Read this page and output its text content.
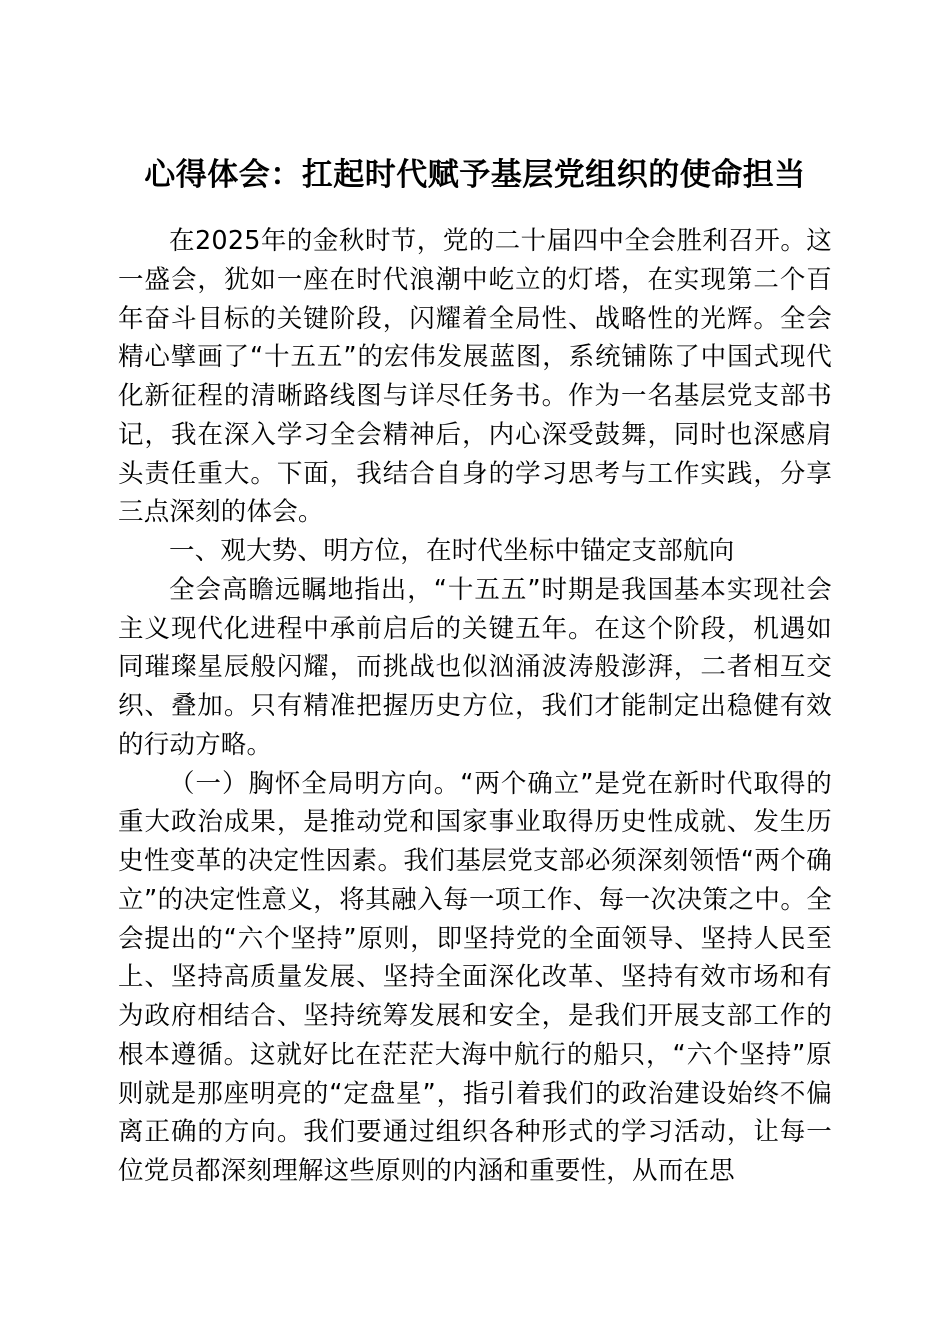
心得体会：扛起时代赋予基层党组织的使命担当

在2025年的金秋时节，党的二十届四中全会胜利召开。这一盛会，犹如一座在时代浪潮中屹立的灯塔，在实现第二个百年奋斗目标的关键阶段，闪耀着全局性、战略性的光辉。全会精心擘画了“十五五”的宏伟发展蓝图，系统铺陈了中国式现代化新征程的清晰路线图与详尽任务书。作为一名基层党支部书记，我在深入学习全会精神后，内心深受鼓舞，同时也深感肩头责任重大。下面，我结合自身的学习思考与工作实践，分享三点深刻的体会。

一、观大势、明方位，在时代坐标中锚定支部航向

全会高瞻远瞩地指出，“十五五”时期是我国基本实现社会主义现代化进程中承前启后的关键五年。在这个阶段，机遇如同璀璨星辰般闪耀，而挑战也似汹涌波涛般澎湃，二者相互交织、叠加。只有精准把握历史方位，我们才能制定出稳健有效的行动方略。

（一）胸怀全局明方向。“两个确立”是党在新时代取得的重大政治成果，是推动党和国家事业取得历史性成就、发生历史性变革的决定性因素。我们基层党支部必须深刻领悟“两个确立”的决定性意义，将其融入每一项工作、每一次决策之中。全会提出的“六个坚持”原则，即坚持党的全面领导、坚持人民至上、坚持高质量发展、坚持全面深化改革、坚持有效市场和有为政府相结合、坚持统筹发展和安全，是我们开展支部工作的根本遵循。这就好比在茫茫大海中航行的船只，“六个坚持”原则就是那座明亮的“定盘星”，指引着我们的政治建设始终不偏离正确的方向。我们要通过组织各种形式的学习活动，让每一位党员都深刻理解这些原则的内涵和重要性，从而在思
